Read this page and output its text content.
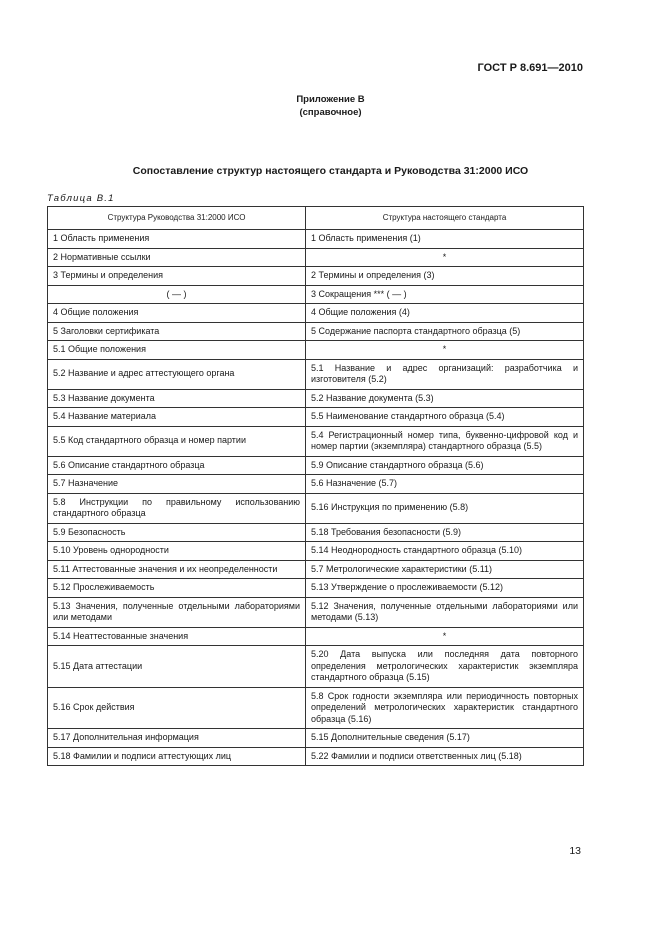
ГОСТ Р 8.691—2010
Приложение В
(справочное)
Сопоставление структур настоящего стандарта и Руководства 31:2000 ИСО
Таблица В.1
Структура Руководства 31:2000 ИСО	Структура настоящего стандарта
1 Область применения	1 Область применения (1)
2 Нормативные ссылки	*
3 Термины и определения	2 Термины и определения (3)
( — )	3 Сокращения *** ( — )
4 Общие положения	4 Общие положения (4)
5 Заголовки сертификата	5 Содержание паспорта стандартного образца (5)
5.1 Общие положения	*
5.2 Название и адрес аттестующего органа	5.1 Название и адрес организаций: разработчика и изготовителя (5.2)
5.3 Название документа	5.2 Название документа (5.3)
5.4 Название материала	5.5 Наименование стандартного образца (5.4)
5.5 Код стандартного образца и номер партии	5.4 Регистрационный номер типа, буквенно-цифровой код и номер партии (экземпляра) стандартного образца (5.5)
5.6 Описание стандартного образца	5.9 Описание стандартного образца (5.6)
5.7 Назначение	5.6 Назначение (5.7)
5.8 Инструкции по правильному использованию стандартного образца	5.16 Инструкция по применению (5.8)
5.9 Безопасность	5.18 Требования безопасности (5.9)
5.10 Уровень однородности	5.14 Неоднородность стандартного образца (5.10)
5.11 Аттестованные значения и их неопределенности	5.7 Метрологические характеристики (5.11)
5.12 Прослеживаемость	5.13 Утверждение о прослеживаемости (5.12)
5.13 Значения, полученные отдельными лабораториями или методами	5.12 Значения, полученные отдельными лабораториями или методами (5.13)
5.14 Неаттестованные значения	*
5.15 Дата аттестации	5.20 Дата выпуска или последняя дата повторного определения метрологических характеристик экземпляра стандартного образца (5.15)
5.16 Срок действия	5.8 Срок годности экземпляра или периодичность повторных определений метрологических характеристик стандартного образца (5.16)
5.17 Дополнительная информация	5.15 Дополнительные сведения (5.17)
5.18 Фамилии и подписи аттестующих лиц	5.22 Фамилии и подписи ответственных лиц (5.18)
13
